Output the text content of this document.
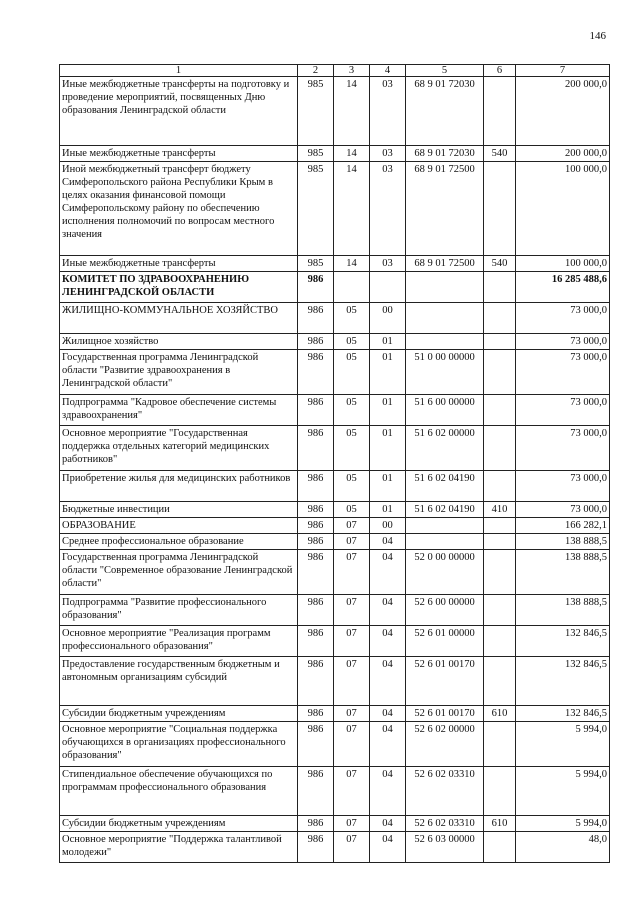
146
1	2	3	4	5	6	7
Иные межбюджетные трансферты на подготовку и проведение мероприятий, посвященных Дню образования Ленинградской области	985	14	03	68 9 01 72030		200 000,0
Иные межбюджетные трансферты	985	14	03	68 9 01 72030	540	200 000,0
Иной межбюджетный трансферт бюджету Симферопольского района Республики Крым в целях оказания финансовой помощи Симферопольскому району по обеспечению исполнения полномочий по вопросам местного значения	985	14	03	68 9 01 72500		100 000,0
Иные межбюджетные трансферты	985	14	03	68 9 01 72500	540	100 000,0
КОМИТЕТ ПО ЗДРАВООХРАНЕНИЮ ЛЕНИНГРАДСКОЙ ОБЛАСТИ	986					16 285 488,6
ЖИЛИЩНО-КОММУНАЛЬНОЕ ХОЗЯЙСТВО	986	05	00			73 000,0
Жилищное хозяйство	986	05	01			73 000,0
Государственная программа Ленинградской области "Развитие здравоохранения в Ленинградской области"	986	05	01	51 0 00 00000		73 000,0
Подпрограмма "Кадровое обеспечение системы здравоохранения"	986	05	01	51 6 00 00000		73 000,0
Основное мероприятие "Государственная поддержка отдельных категорий медицинских работников"	986	05	01	51 6 02 00000		73 000,0
Приобретение жилья для медицинских работников	986	05	01	51 6 02 04190		73 000,0
Бюджетные инвестиции	986	05	01	51 6 02 04190	410	73 000,0
ОБРАЗОВАНИЕ	986	07	00			166 282,1
Среднее профессиональное образование	986	07	04			138 888,5
Государственная программа Ленинградской области "Современное образование Ленинградской области"	986	07	04	52 0 00 00000		138 888,5
Подпрограмма "Развитие профессионального образования"	986	07	04	52 6 00 00000		138 888,5
Основное мероприятие "Реализация программ профессионального образования"	986	07	04	52 6 01 00000		132 846,5
Предоставление государственным бюджетным и автономным организациям субсидий	986	07	04	52 6 01 00170		132 846,5
Субсидии бюджетным учреждениям	986	07	04	52 6 01 00170	610	132 846,5
Основное мероприятие "Социальная поддержка обучающихся в организациях профессионального образования"	986	07	04	52 6 02 00000		5 994,0
Стипендиальное обеспечение обучающихся по программам профессионального образования	986	07	04	52 6 02 03310		5 994,0
Субсидии бюджетным учреждениям	986	07	04	52 6 02 03310	610	5 994,0
Основное мероприятие "Поддержка талантливой молодежи"	986	07	04	52 6 03 00000		48,0
